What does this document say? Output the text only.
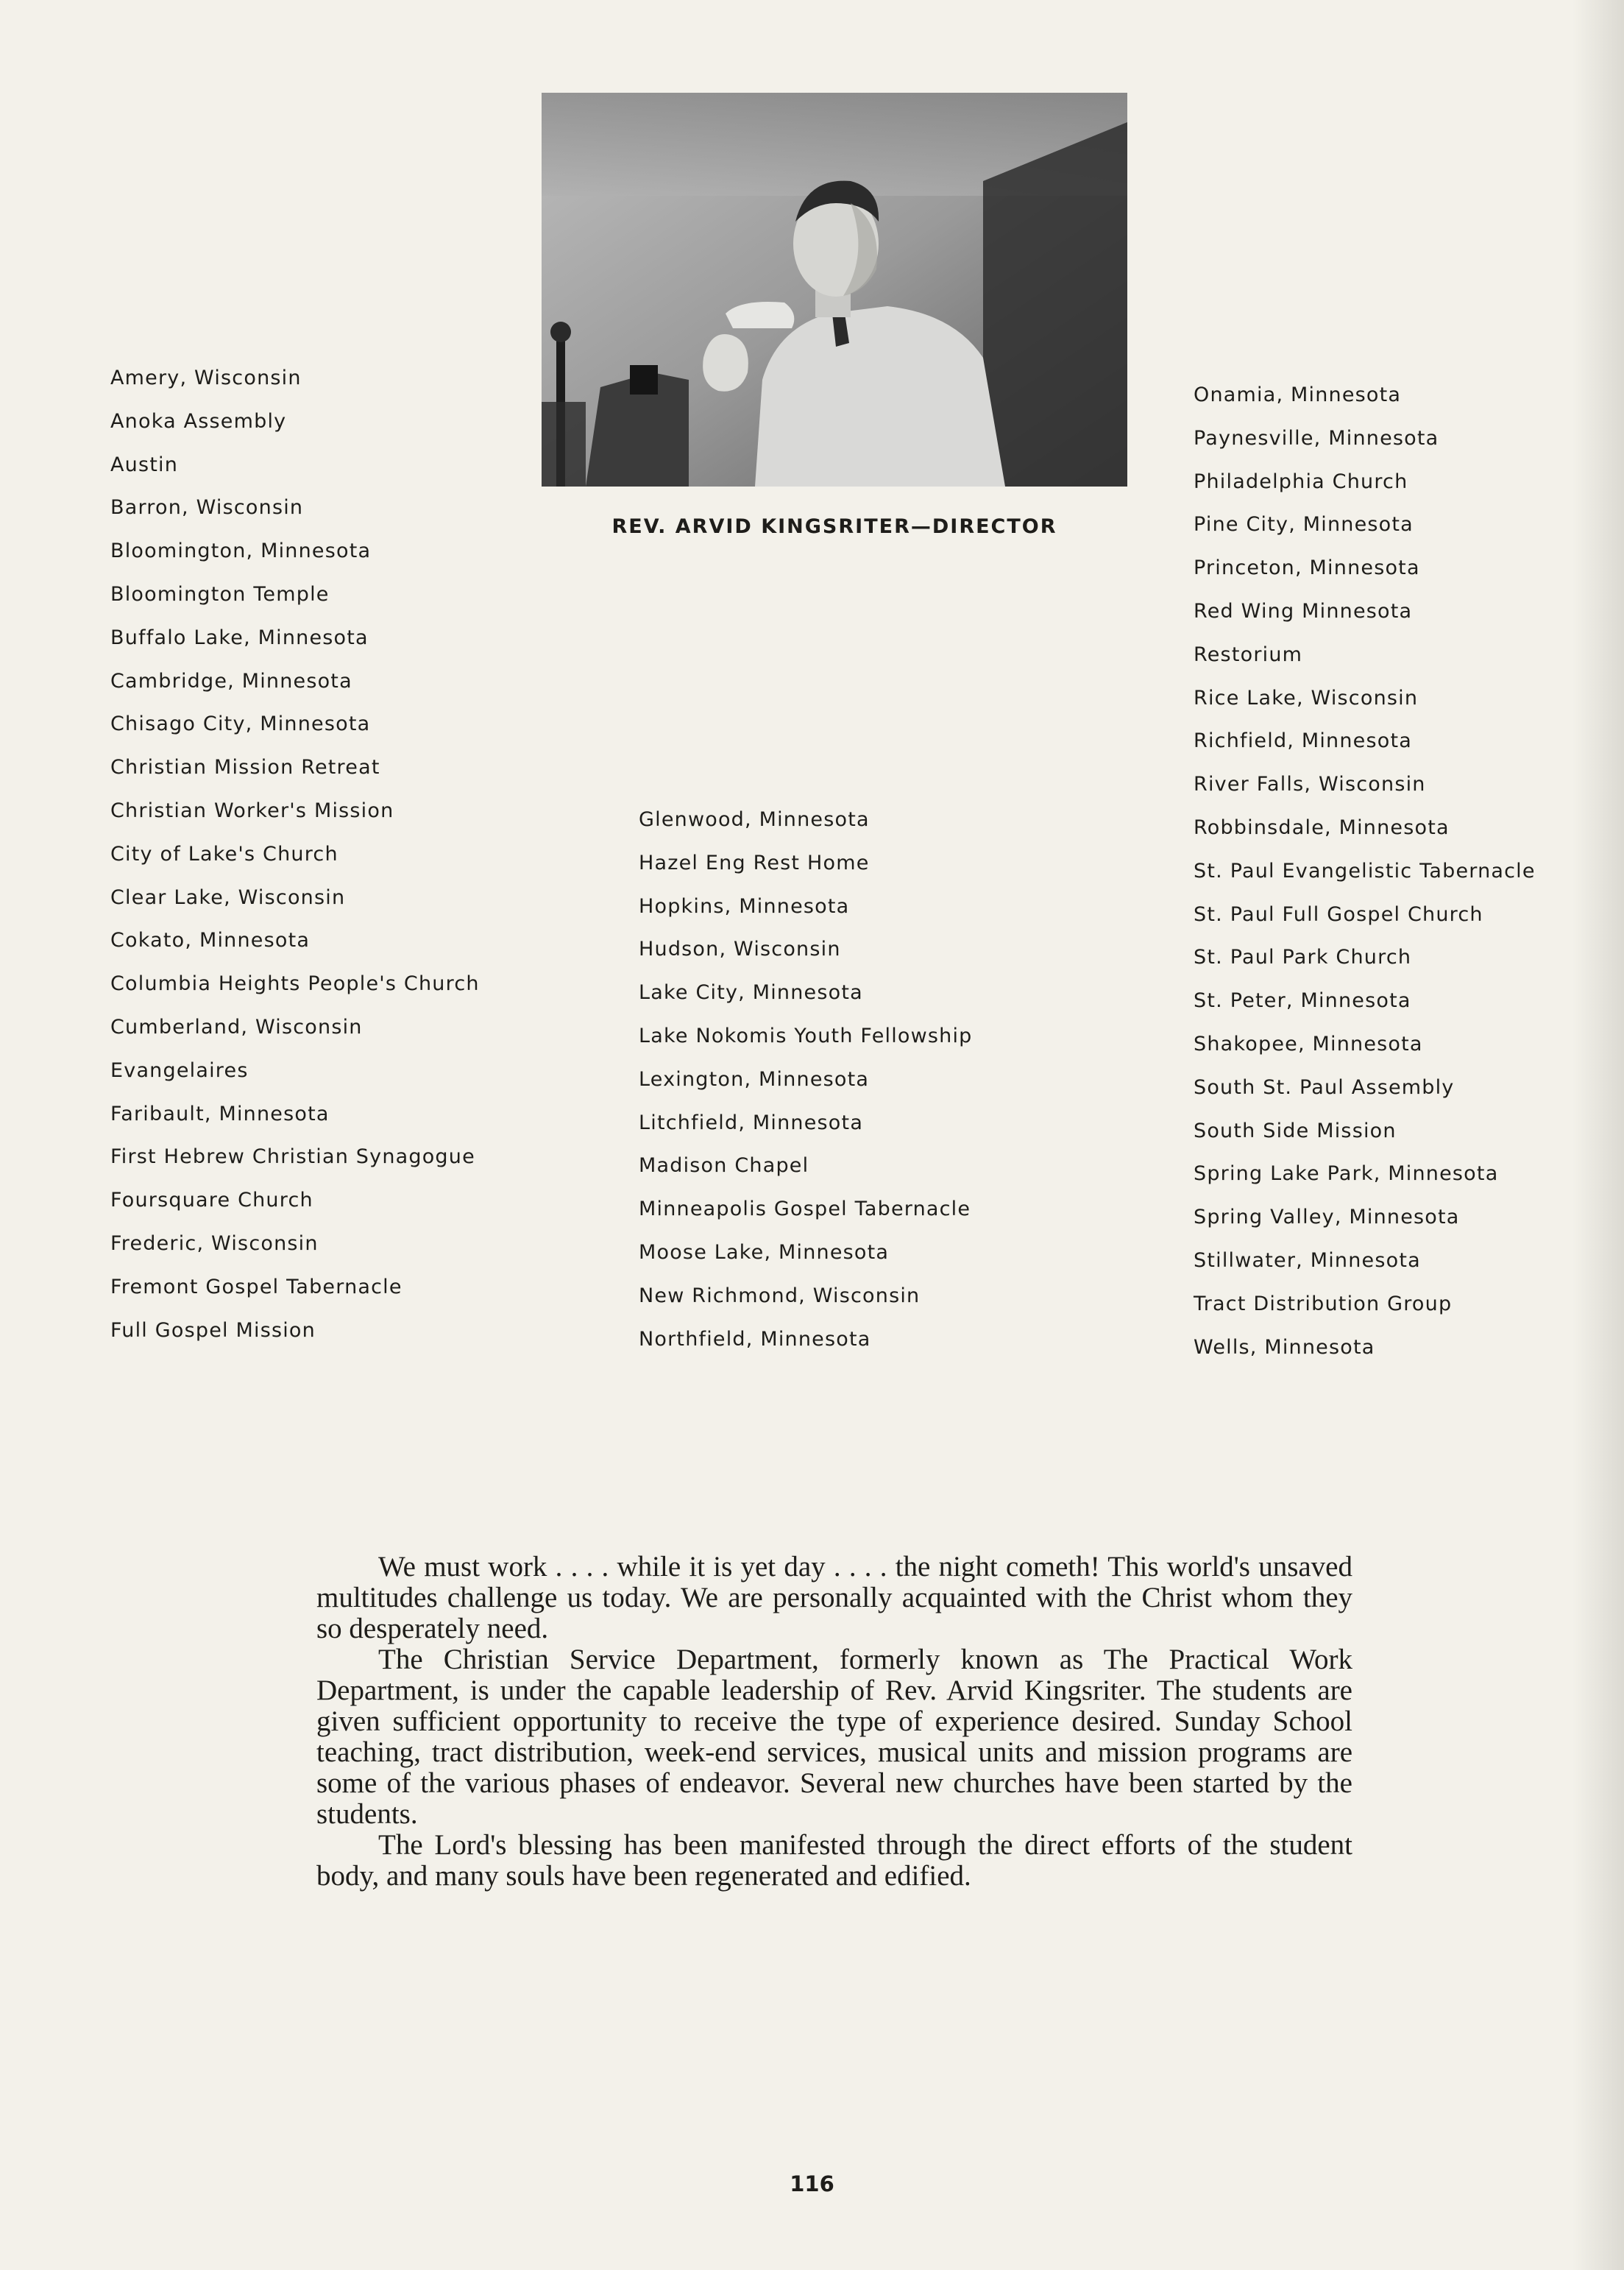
REV. ARVID KINGSRITER—DIRECTOR
Amery, Wisconsin
Anoka Assembly
Austin
Barron, Wisconsin
Bloomington, Minnesota
Bloomington Temple
Buffalo Lake, Minnesota
Cambridge, Minnesota
Chisago City, Minnesota
Christian Mission Retreat
Christian Worker's Mission
City of Lake's Church
Clear Lake, Wisconsin
Cokato, Minnesota
Columbia Heights People's Church
Cumberland, Wisconsin
Evangelaires
Faribault, Minnesota
First Hebrew Christian Synagogue
Foursquare Church
Frederic, Wisconsin
Fremont Gospel Tabernacle
Full Gospel Mission
Glenwood, Minnesota
Hazel Eng Rest Home
Hopkins, Minnesota
Hudson, Wisconsin
Lake City, Minnesota
Lake Nokomis Youth Fellowship
Lexington, Minnesota
Litchfield, Minnesota
Madison Chapel
Minneapolis Gospel Tabernacle
Moose Lake, Minnesota
New Richmond, Wisconsin
Northfield, Minnesota
Onamia, Minnesota
Paynesville, Minnesota
Philadelphia Church
Pine City, Minnesota
Princeton, Minnesota
Red Wing Minnesota
Restorium
Rice Lake, Wisconsin
Richfield, Minnesota
River Falls, Wisconsin
Robbinsdale, Minnesota
St. Paul Evangelistic Tabernacle
St. Paul Full Gospel Church
St. Paul Park Church
St. Peter, Minnesota
Shakopee, Minnesota
South St. Paul Assembly
South Side Mission
Spring Lake Park, Minnesota
Spring Valley, Minnesota
Stillwater, Minnesota
Tract Distribution Group
Wells, Minnesota

We must work . . . . while it is yet day . . . . the night cometh! This world's unsaved multitudes challenge us today. We are personally acquainted with the Christ whom they so desperately need.

The Christian Service Department, formerly known as The Practical Work Department, is under the capable leadership of Rev. Arvid Kingsriter. The students are given sufficient opportunity to receive the type of experience desired. Sunday School teaching, tract distribution, week-end services, musical units and mission programs are some of the various phases of endeavor. Several new churches have been started by the students.

The Lord's blessing has been manifested through the direct efforts of the student body, and many souls have been regenerated and edified.

116
